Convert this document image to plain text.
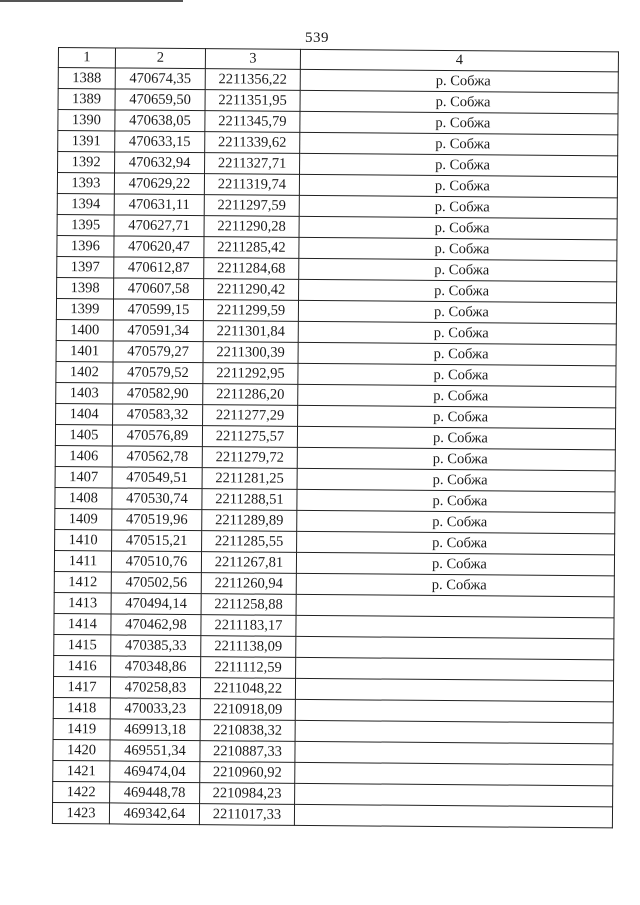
539
1	2	3	4
1388	470674,35	2211356,22	р. Собжа
1389	470659,50	2211351,95	р. Собжа
1390	470638,05	2211345,79	р. Собжа
1391	470633,15	2211339,62	р. Собжа
1392	470632,94	2211327,71	р. Собжа
1393	470629,22	2211319,74	р. Собжа
1394	470631,11	2211297,59	р. Собжа
1395	470627,71	2211290,28	р. Собжа
1396	470620,47	2211285,42	р. Собжа
1397	470612,87	2211284,68	р. Собжа
1398	470607,58	2211290,42	р. Собжа
1399	470599,15	2211299,59	р. Собжа
1400	470591,34	2211301,84	р. Собжа
1401	470579,27	2211300,39	р. Собжа
1402	470579,52	2211292,95	р. Собжа
1403	470582,90	2211286,20	р. Собжа
1404	470583,32	2211277,29	р. Собжа
1405	470576,89	2211275,57	р. Собжа
1406	470562,78	2211279,72	р. Собжа
1407	470549,51	2211281,25	р. Собжа
1408	470530,74	2211288,51	р. Собжа
1409	470519,96	2211289,89	р. Собжа
1410	470515,21	2211285,55	р. Собжа
1411	470510,76	2211267,81	р. Собжа
1412	470502,56	2211260,94	р. Собжа
1413	470494,14	2211258,88	
1414	470462,98	2211183,17	
1415	470385,33	2211138,09	
1416	470348,86	2211112,59	
1417	470258,83	2211048,22	
1418	470033,23	2210918,09	
1419	469913,18	2210838,32	
1420	469551,34	2210887,33	
1421	469474,04	2210960,92	
1422	469448,78	2210984,23	
1423	469342,64	2211017,33	
